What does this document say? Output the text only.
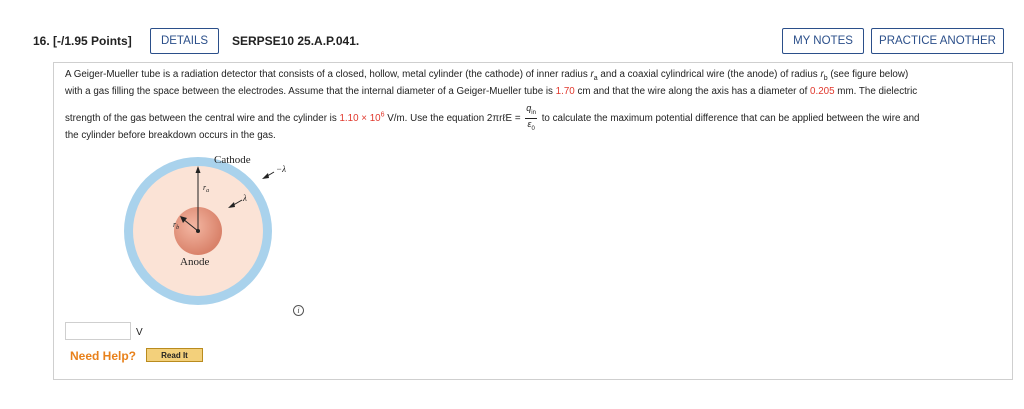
16. [-/1.95 Points]	DETAILS	SERPSE10 25.A.P.041.	MY NOTES	PRACTICE ANOTHER
A Geiger-Mueller tube is a radiation detector that consists of a closed, hollow, metal cylinder (the cathode) of inner radius $r_a$ and a coaxial cylindrical wire (the anode) of radius $r_b$ (see figure below)
with a gas filling the space between the electrodes. Assume that the internal diameter of a Geiger-Mueller tube is 1.70 cm and that the wire along the axis has a diameter of 0.205 mm. The dielectric
strength of the gas between the central wire and the cylinder is $1.10 \times 10^6$ V/m. Use the equation 2πrℓE = $\frac{q_{in}}{\varepsilon_0}$ to calculate the maximum potential difference that can be applied between the wire and
the cylinder before breakdown occurs in the gas.
Cathode
Anode
−λ
λ
$r_a$
$r_b$
i
V
Need Help?	Read It
